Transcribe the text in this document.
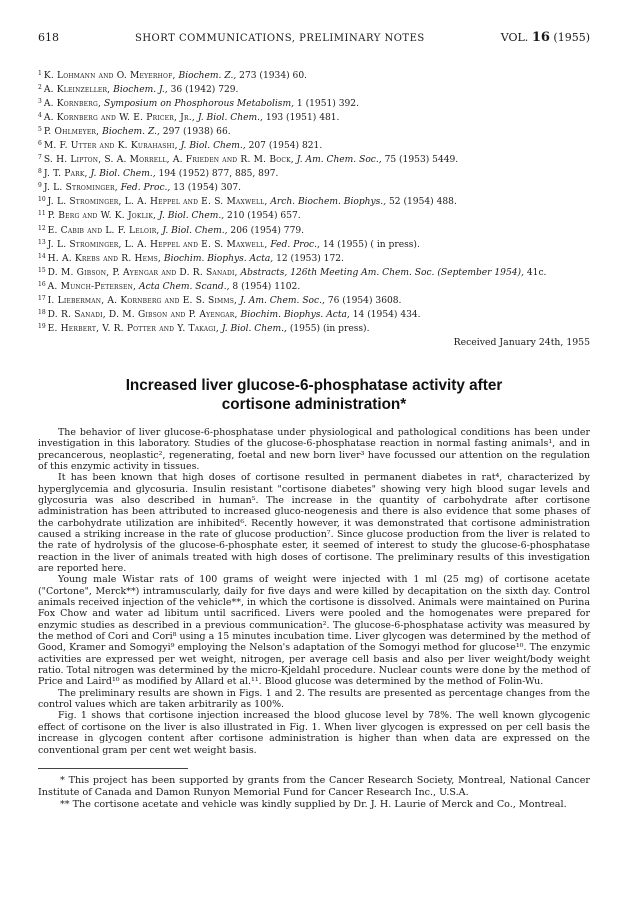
618	SHORT COMMUNICATIONS, PRELIMINARY NOTES	VOL. 16 (1955)
$^1$ K. Lohmann and O. Meyerhof, Biochem. Z., 273 (1934) 60.
$^2$ A. Kleinzeller, Biochem. J., 36 (1942) 729.
$^3$ A. Kornberg, Symposium on Phosphorous Metabolism, 1 (1951) 392.
$^4$ A. Kornberg and W. E. Pricer, Jr., J. Biol. Chem., 193 (1951) 481.
$^5$ P. Ohlmeyer, Biochem. Z., 297 (1938) 66.
$^6$ M. F. Utter and K. Kurahashi, J. Biol. Chem., 207 (1954) 821.
$^7$ S. H. Lipton, S. A. Morrell, A. Frieden and R. M. Bock, J. Am. Chem. Soc., 75 (1953) 5449.
$^8$ J. T. Park, J. Biol. Chem., 194 (1952) 877, 885, 897.
$^9$ J. L. Strominger, Fed. Proc., 13 (1954) 307.
$^{10}$ J. L. Strominger, L. A. Heppel and E. S. Maxwell, Arch. Biochem. Biophys., 52 (1954) 488.
$^{11}$ P. Berg and W. K. Joklik, J. Biol. Chem., 210 (1954) 657.
$^{12}$ E. Cabib and L. F. Leloir, J. Biol. Chem., 206 (1954) 779.
$^{13}$ J. L. Strominger, L. A. Heppel and E. S. Maxwell, Fed. Proc., 14 (1955) ( in press).
$^{14}$ H. A. Krebs and R. Hems, Biochim. Biophys. Acta, 12 (1953) 172.
$^{15}$ D. M. Gibson, P. Ayengar and D. R. Sanadi, Abstracts, 126th Meeting Am. Chem. Soc. (September 1954), 41c.
$^{16}$ A. Munch-Petersen, Acta Chem. Scand., 8 (1954) 1102.
$^{17}$ I. Lieberman, A. Kornberg and E. S. Simms, J. Am. Chem. Soc., 76 (1954) 3608.
$^{18}$ D. R. Sanadi, D. M. Gibson and P. Ayengar, Biochim. Biophys. Acta, 14 (1954) 434.
$^{19}$ E. Herbert, V. R. Potter and Y. Takagi, J. Biol. Chem., (1955) (in press).
Received January 24th, 1955
Increased liver glucose-6-phosphatase activity after
cortisone administration*

The behavior of liver glucose-6-phosphatase under physiological and pathological conditions has been under investigation in this laboratory. Studies of the glucose-6-phosphatase reaction in normal fasting animals¹, and in precancerous, neoplastic², regenerating, foetal and new born liver³ have focussed our attention on the regulation of this enzymic activity in tissues.

It has been known that high doses of cortisone resulted in permanent diabetes in rat⁴, characterized by hyperglycemia and glycosuria. Insulin resistant "cortisone diabetes" showing very high blood sugar levels and glycosuria was also described in human⁵. The increase in the quantity of carbohydrate after cortisone administration has been attributed to increased gluco-neogenesis and there is also evidence that some phases of the carbohydrate utilization are inhibited⁶. Recently however, it was demonstrated that cortisone administration caused a striking increase in the rate of glucose production⁷. Since glucose production from the liver is related to the rate of hydrolysis of the glucose-6-phosphate ester, it seemed of interest to study the glucose-6-phosphatase reaction in the liver of animals treated with high doses of cortisone. The preliminary results of this investigation are reported here.

Young male Wistar rats of 100 grams of weight were injected with 1 ml (25 mg) of cortisone acetate ("Cortone", Merck**) intramuscularly, daily for five days and were killed by decapitation on the sixth day. Control animals received injection of the vehicle**, in which the cortisone is dissolved. Animals were maintained on Purina Fox Chow and water ad libitum until sacrificed. Livers were pooled and the homogenates were prepared for enzymic studies as described in a previous communication². The glucose-6-phosphatase activity was measured by the method of Cori and Cori⁸ using a 15 minutes incubation time. Liver glycogen was determined by the method of Good, Kramer and Somogyi⁹ employing the Nelson's adaptation of the Somogyi method for glucose¹⁰. The enzymic activities are expressed per wet weight, nitrogen, per average cell basis and also per liver weight/body weight ratio. Total nitrogen was determined by the micro-Kjeldahl procedure. Nuclear counts were done by the method of Price and Laird¹⁰ as modified by Allard et al.¹¹. Blood glucose was determined by the method of Folin-Wu.

The preliminary results are shown in Figs. 1 and 2. The results are presented as percentage changes from the control values which are taken arbitrarily as 100%.

Fig. 1 shows that cortisone injection increased the blood glucose level by 78%. The well known glycogenic effect of cortisone on the liver is also illustrated in Fig. 1. When liver glycogen is expressed on per cell basis the increase in glycogen content after cortisone administration is higher than when data are expressed on the conventional gram per cent wet weight basis.

* This project has been supported by grants from the Cancer Research Society, Montreal, National Cancer Institute of Canada and Damon Runyon Memorial Fund for Cancer Research Inc., U.S.A.

** The cortisone acetate and vehicle was kindly supplied by Dr. J. H. Laurie of Merck and Co., Montreal.
